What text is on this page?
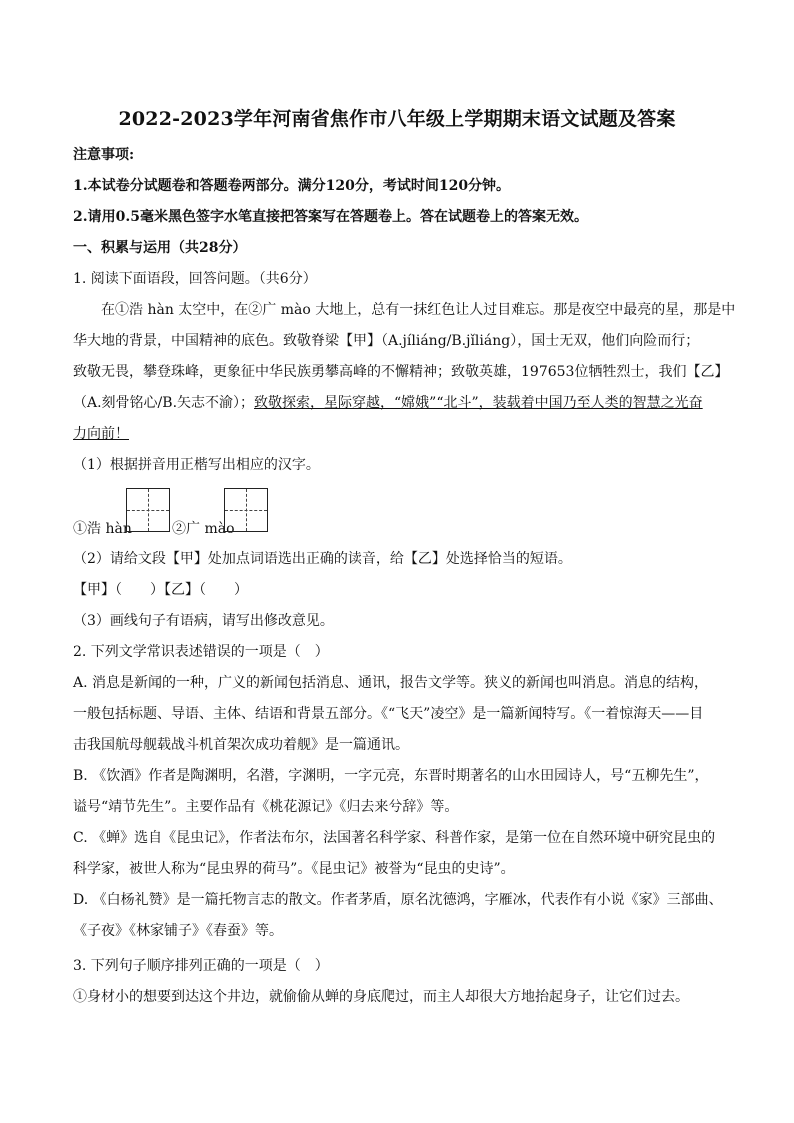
2022-2023学年河南省焦作市八年级上学期期末语文试题及答案
注意事项:
1.本试卷分试题卷和答题卷两部分。满分120分，考试时间120分钟。
2.请用0.5毫米黑色签字水笔直接把答案写在答题卷上。答在试题卷上的答案无效。
一、积累与运用（共28分）
1. 阅读下面语段，回答问题。（共6分）
在①浩 hàn 太空中，在②广 mào 大地上，总有一抹红色让人过目难忘。那是夜空中最亮的星，那是中
华大地的背景，中国精神的底色。致敬脊梁【甲】（A.jíliáng/B.jǐliáng），国士无双，他们向险而行；
致敬无畏，攀登珠峰，更象征中华民族勇攀高峰的不懈精神；致敬英雄，197653位牺牲烈士，我们【乙】
（A.刻骨铭心/B.矢志不渝）；致敬探索，星际穿越，“嫦娥”“北斗”，装载着中国乃至人类的智慧之光奋
力向前！
（1）根据拼音用正楷写出相应的汉字。
①浩 hàn	②广 mào
（2）请给文段【甲】处加点词语选出正确的读音，给【乙】处选择恰当的短语。
【甲】（　　）【乙】（　　）
（3）画线句子有语病，请写出修改意见。
2. 下列文学常识表述错误的一项是（　）
A. 消息是新闻的一种，广义的新闻包括消息、通讯，报告文学等。狭义的新闻也叫消息。消息的结构，
一般包括标题、导语、主体、结语和背景五部分。《“飞天”凌空》是一篇新闻特写。《一着惊海天——目
击我国航母舰载战斗机首架次成功着舰》是一篇通讯。
B. 《饮酒》作者是陶渊明，名潜，字渊明，一字元亮，东晋时期著名的山水田园诗人，号“五柳先生”，
谥号“靖节先生”。主要作品有《桃花源记》《归去来兮辞》等。
C. 《蝉》选自《昆虫记》，作者法布尔，法国著名科学家、科普作家，是第一位在自然环境中研究昆虫的
科学家，被世人称为“昆虫界的荷马”。《昆虫记》被誉为“昆虫的史诗”。
D. 《白杨礼赞》是一篇托物言志的散文。作者茅盾，原名沈德鸿，字雁冰，代表作有小说《家》三部曲、
《子夜》《林家铺子》《春蚕》等。
3. 下列句子顺序排列正确的一项是（　）
①身材小的想要到达这个井边，就偷偷从蝉的身底爬过，而主人却很大方地抬起身子，让它们过去。
